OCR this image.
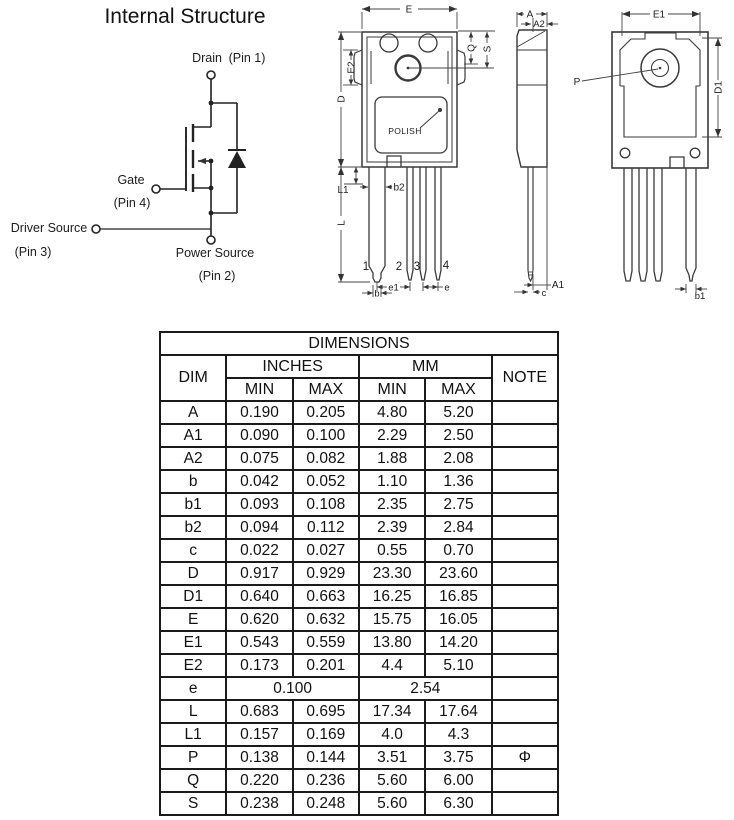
Internal Structure
Drain (Pin 1)
Gate
(Pin 4)
Driver Source
(Pin 3)	Power Source
(Pin 2)
E
D
L
E2
Q S
L1	b2
e1	e
b
POLISH
1 2 3 4
A
A2
A1
c
E1
D1
P
b1
DIMENSIONS					
DIM	INCHES		MM		NOTE
	MIN	MAX	MIN	MAX	
A	0.190	0.205	4.80	5.20	
A1	0.090	0.100	2.29	2.50	
A2	0.075	0.082	1.88	2.08	
b	0.042	0.052	1.10	1.36	
b1	0.093	0.108	2.35	2.75	
b2	0.094	0.112	2.39	2.84	
c	0.022	0.027	0.55	0.70	
D	0.917	0.929	23.30	23.60	
D1	0.640	0.663	16.25	16.85	
E	0.620	0.632	15.75	16.05	
E1	0.543	0.559	13.80	14.20	
E2	0.173	0.201	4.4	5.10	
e	0.100		2.54		
L	0.683	0.695	17.34	17.64	
L1	0.157	0.169	4.0	4.3	
P	0.138	0.144	3.51	3.75	Φ
Q	0.220	0.236	5.60	6.00	
S	0.238	0.248	5.60	6.30	
